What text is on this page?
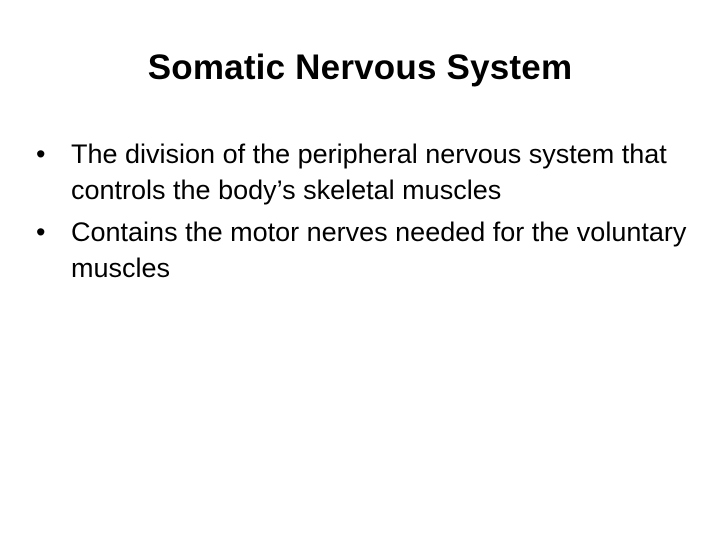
Somatic Nervous System
• The division of the peripheral nervous system that controls the body’s skeletal muscles
• Contains the motor nerves needed for the voluntary muscles
